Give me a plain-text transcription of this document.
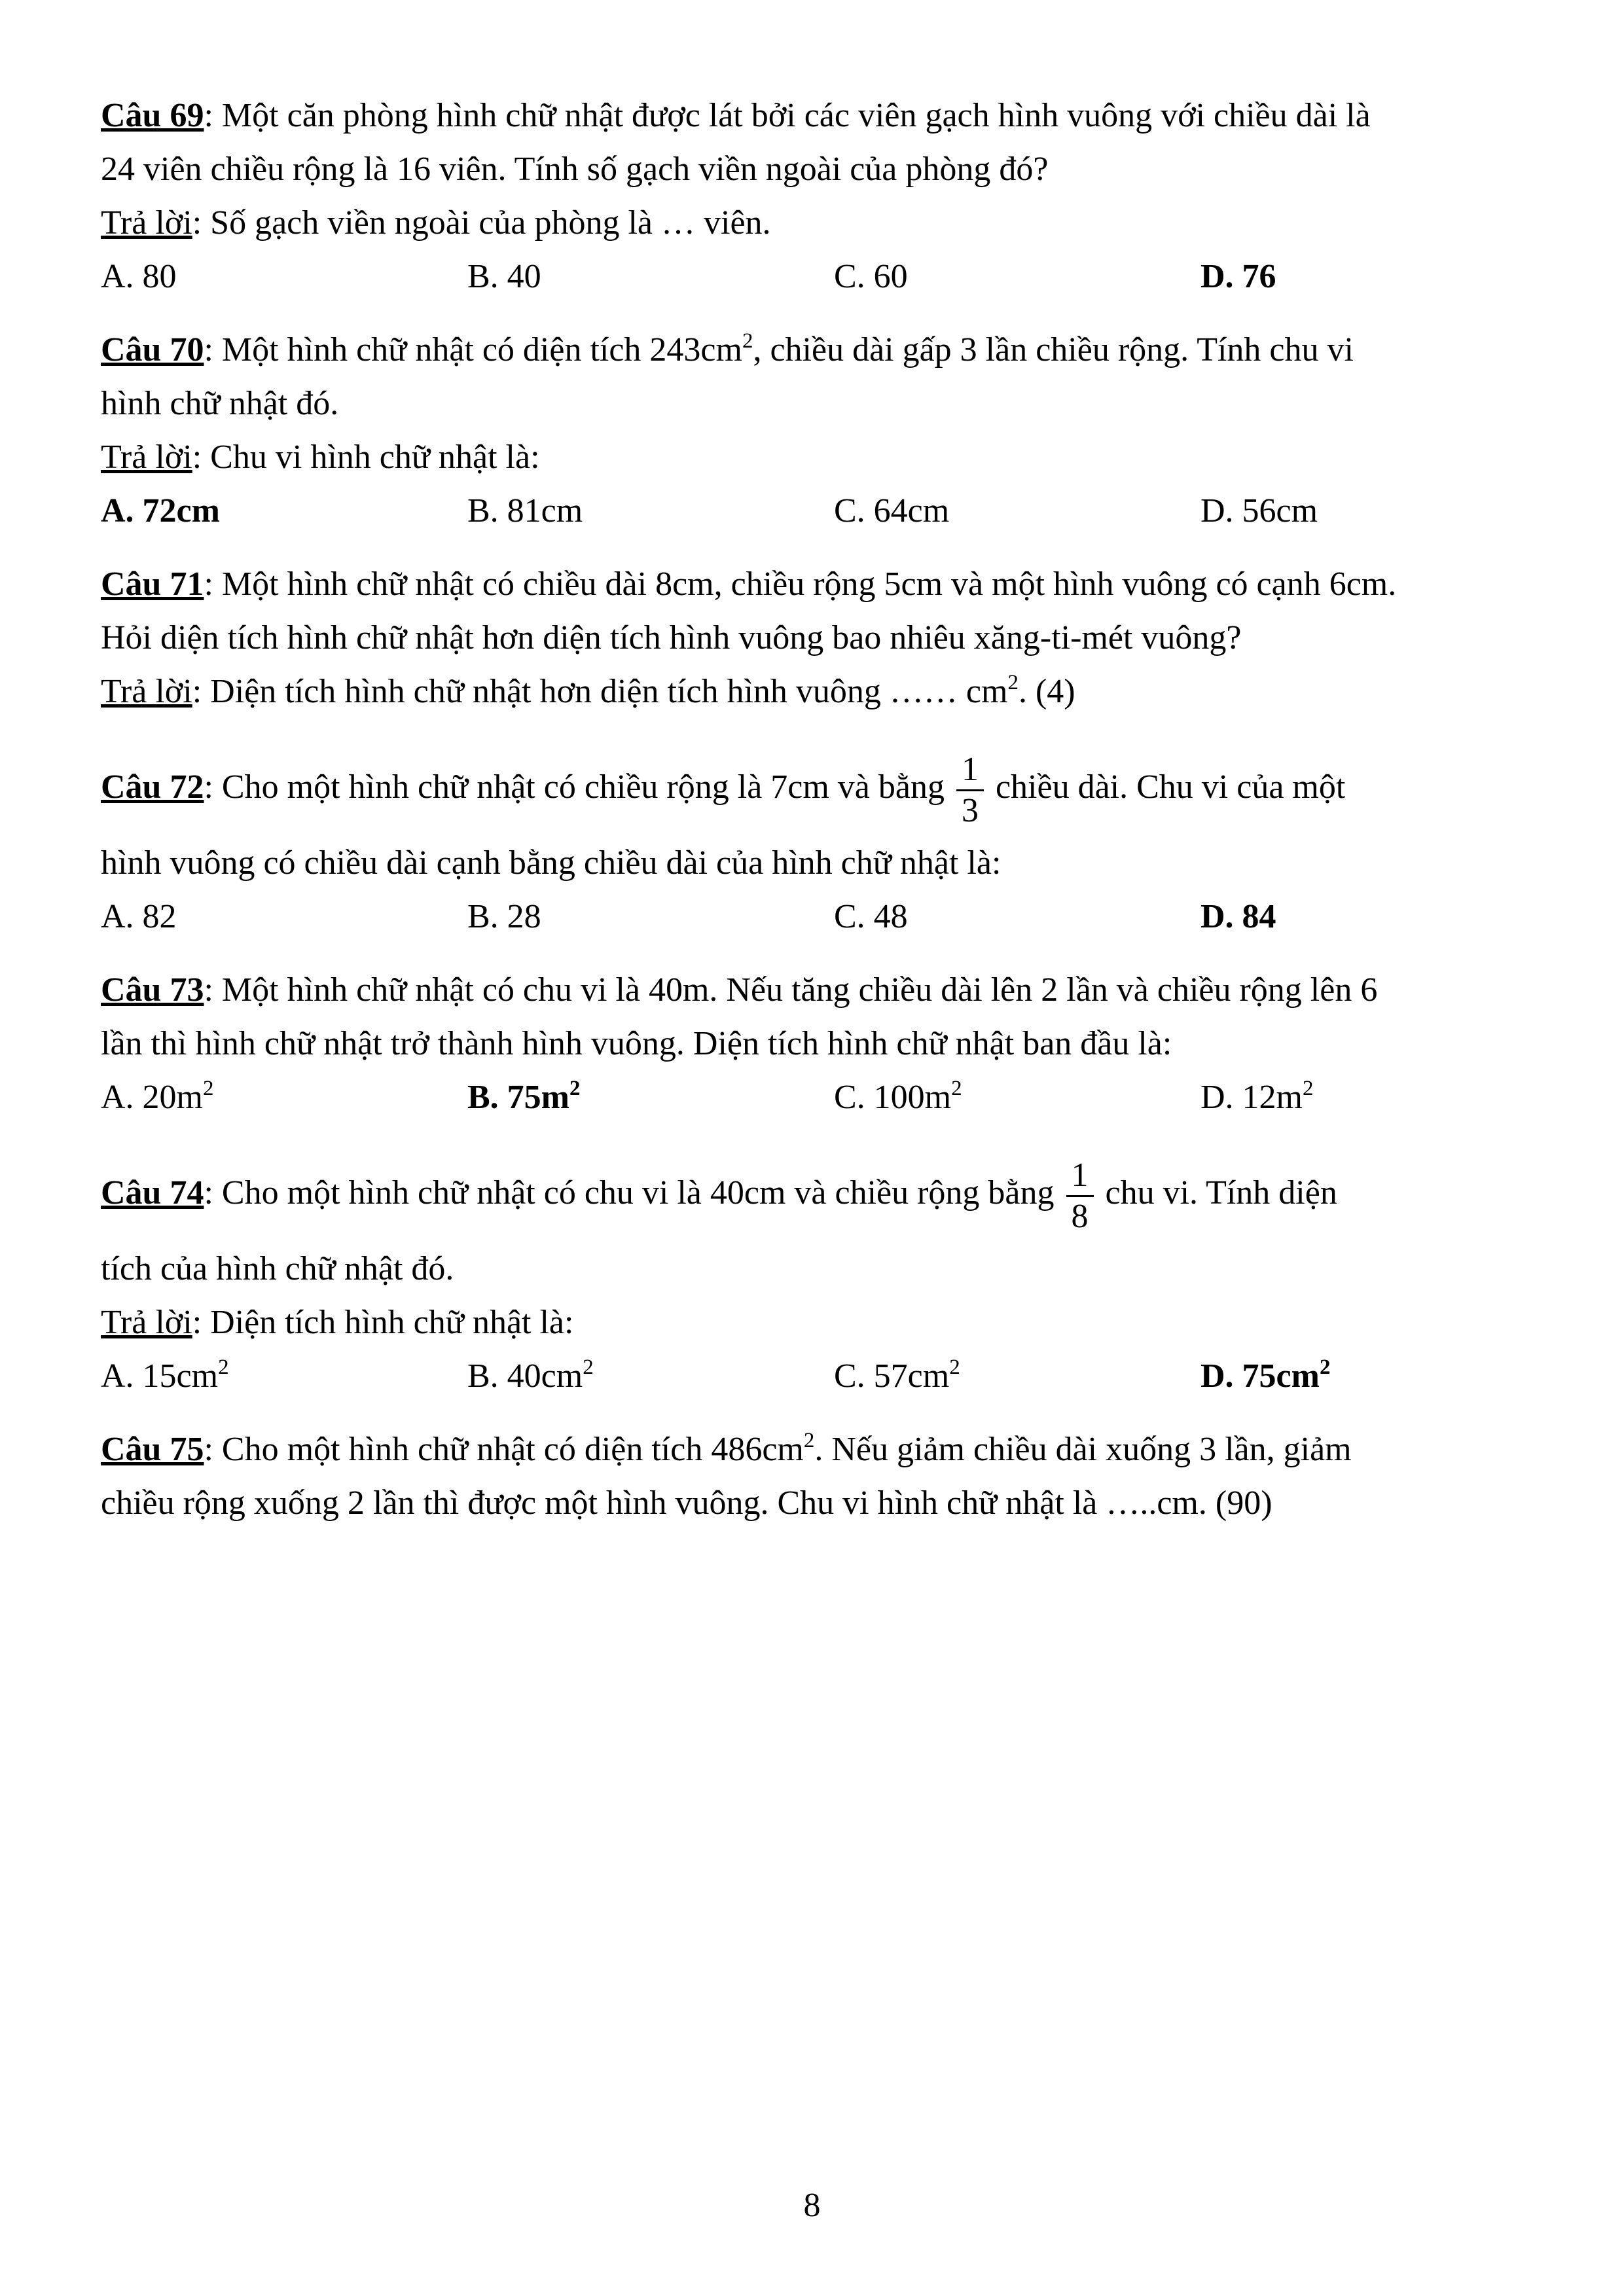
Câu 69: Một căn phòng hình chữ nhật được lát bởi các viên gạch hình vuông với chiều dài là
24 viên chiều rộng là 16 viên. Tính số gạch viền ngoài của phòng đó?
Trả lời: Số gạch viền ngoài của phòng là … viên.
A. 80	B. 40	C. 60	D. 76
Câu 70: Một hình chữ nhật có diện tích $243cm^2$, chiều dài gấp 3 lần chiều rộng. Tính chu vi
hình chữ nhật đó.
Trả lời: Chu vi hình chữ nhật là:
A. 72cm	B. 81cm	C. 64cm	D. 56cm
Câu 71: Một hình chữ nhật có chiều dài 8cm, chiều rộng 5cm và một hình vuông có cạnh 6cm.
Hỏi diện tích hình chữ nhật hơn diện tích hình vuông bao nhiêu xăng-ti-mét vuông?
Trả lời: Diện tích hình chữ nhật hơn diện tích hình vuông …… $cm^2$. (4)
Câu 72: Cho một hình chữ nhật có chiều rộng là 7cm và bằng $\frac{1}{3}$ chiều dài. Chu vi của một
hình vuông có chiều dài cạnh bằng chiều dài của hình chữ nhật là:
A. 82	B. 28	C. 48	D. 84
Câu 73: Một hình chữ nhật có chu vi là 40m. Nếu tăng chiều dài lên 2 lần và chiều rộng lên 6
lần thì hình chữ nhật trở thành hình vuông. Diện tích hình chữ nhật ban đầu là:
A. $20m^2$	B. $75m^2$	C. $100m^2$	D. $12m^2$
Câu 74: Cho một hình chữ nhật có chu vi là 40cm và chiều rộng bằng $\frac{1}{8}$ chu vi. Tính diện
tích của hình chữ nhật đó.
Trả lời: Diện tích hình chữ nhật là:
A. $15cm^2$	B. $40cm^2$	C. $57cm^2$	D. $75cm^2$
Câu 75: Cho một hình chữ nhật có diện tích $486cm^2$. Nếu giảm chiều dài xuống 3 lần, giảm
chiều rộng xuống 2 lần thì được một hình vuông. Chu vi hình chữ nhật là …..cm. (90)
8
